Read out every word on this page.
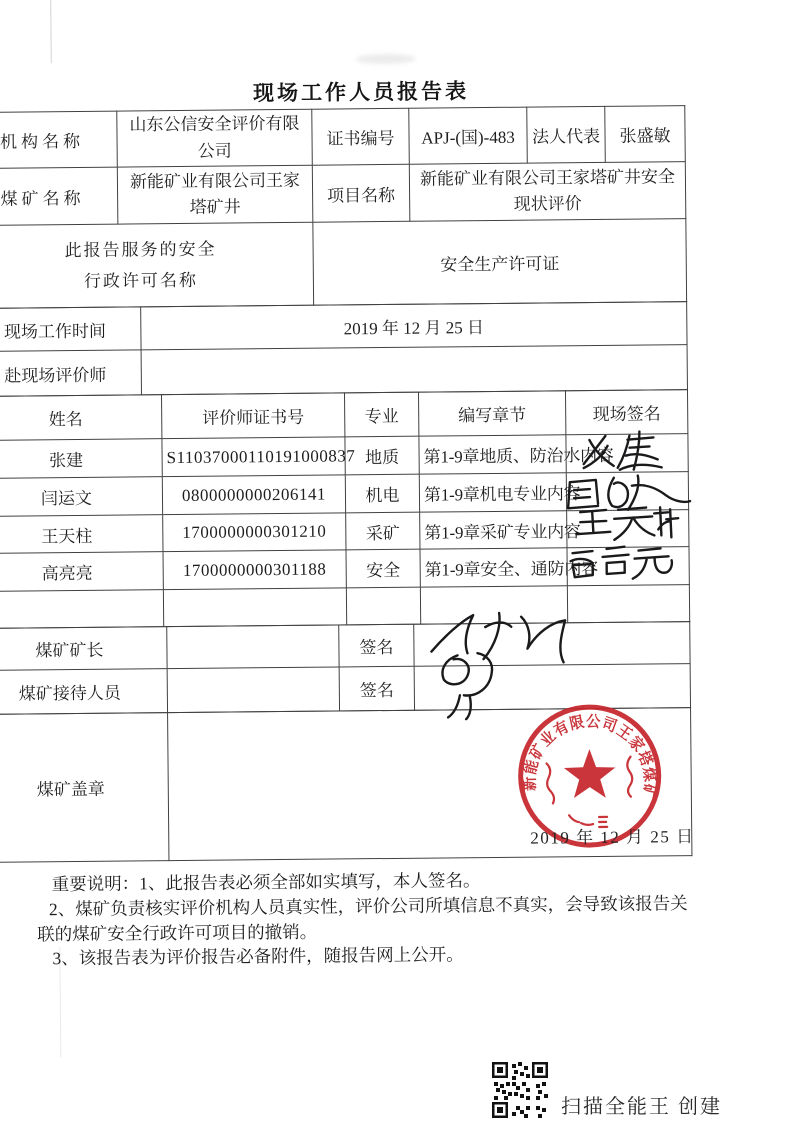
现场工作人员报告表
机构名称	山东公信安全评价有限公司	证书编号	APJ-(国)-483	法人代表	张盛敏
煤矿名称	新能矿业有限公司王家塔矿井	项目名称	新能矿业有限公司王家塔矿井安全现状评价		

此报告服务的安全
行政许可名称		安全生产许可证			
现场工作时间	2019 年 12 月 25 日
赴现场评价师	
姓名	评价师证书号	专业	编写章节	现场签名
张建	S11037000110191000837	地质	第1-9章地质、防治水内容	
闫运文	0800000000206141	机电	第1-9章机电专业内容	
王天柱	1700000000301210	采矿	第1-9章采矿专业内容	
高亮亮	1700000000301188	安全	第1-9章安全、通防内容	

煤矿矿长		签名	
煤矿接待人员		签名	
煤矿盖章		新能矿业有限公司王家塔煤矿
2019 年 12 月 25 日
重要说明：1、此报告表必须全部如实填写，本人签名。
2、煤矿负责核实评价机构人员真实性，评价公司所填信息不真实，会导致该报告关
联的煤矿安全行政许可项目的撤销。
3、该报告表为评价报告必备附件，随报告网上公开。
扫描全能王 创建
